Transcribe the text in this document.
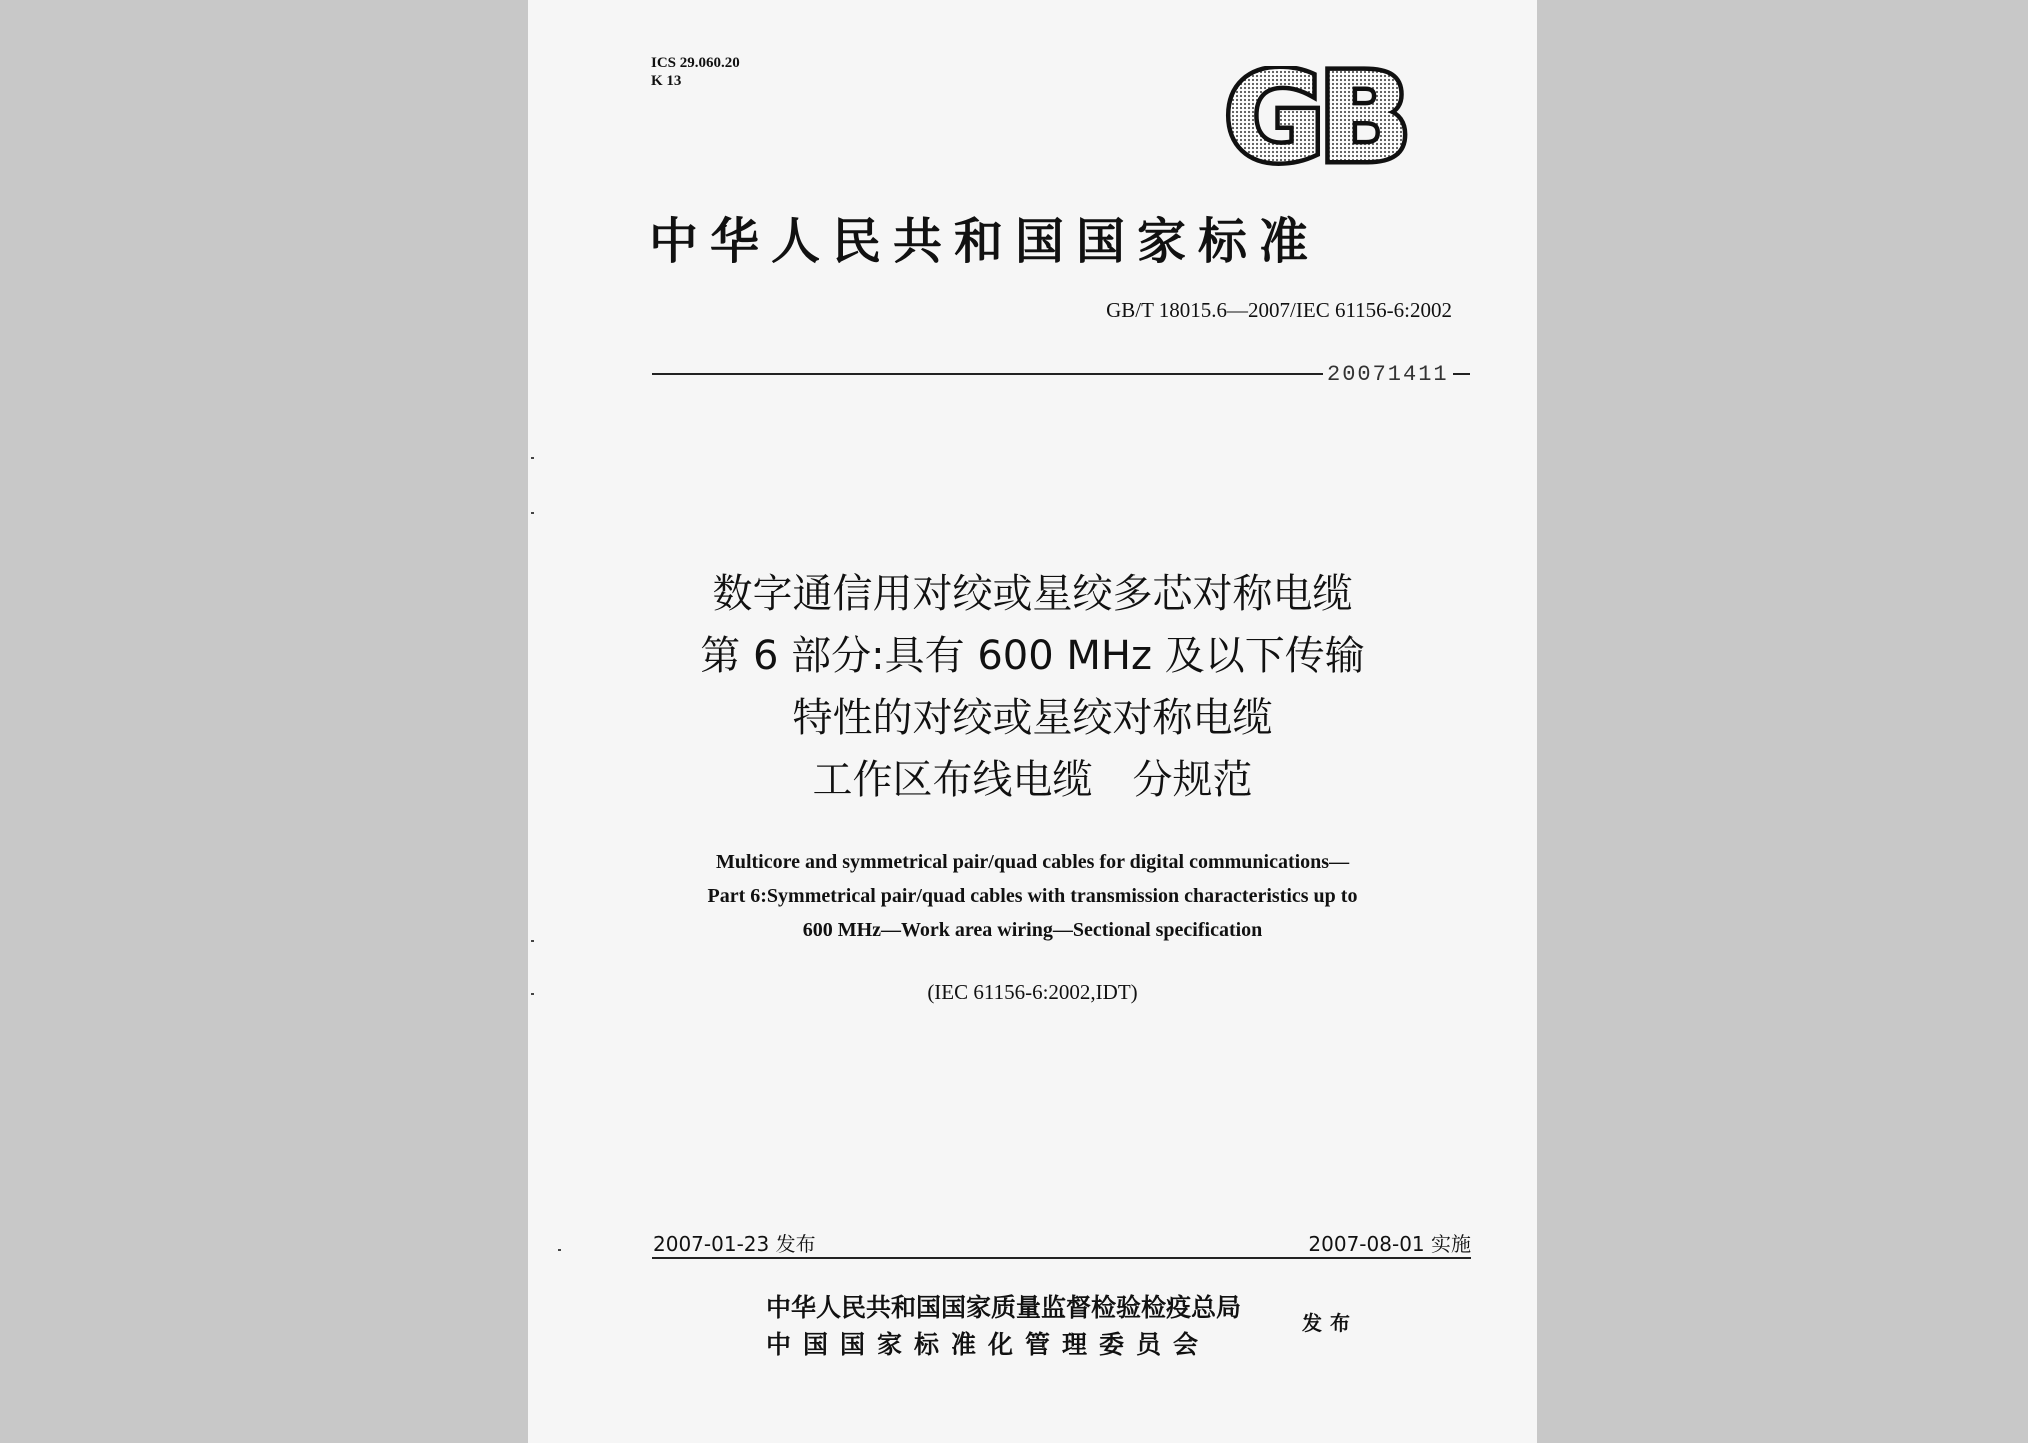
ICS 29.060.20
K 13	GB
中华人民共和国国家标准
GB/T 18015.6—2007/IEC 61156-6:2002
20071411
数字通信用对绞或星绞多芯对称电缆
第 6 部分:具有 600 MHz 及以下传输
特性的对绞或星绞对称电缆
工作区布线电缆　分规范
Multicore and symmetrical pair/quad cables for digital communications—
Part 6:Symmetrical pair/quad cables with transmission characteristics up to
600 MHz—Work area wiring—Sectional specification
(IEC 61156-6:2002,IDT)
2007-01-23 发布	2007-08-01 实施
中华人民共和国国家质量监督检验检疫总局
中国国家标准化管理委员会
发布
